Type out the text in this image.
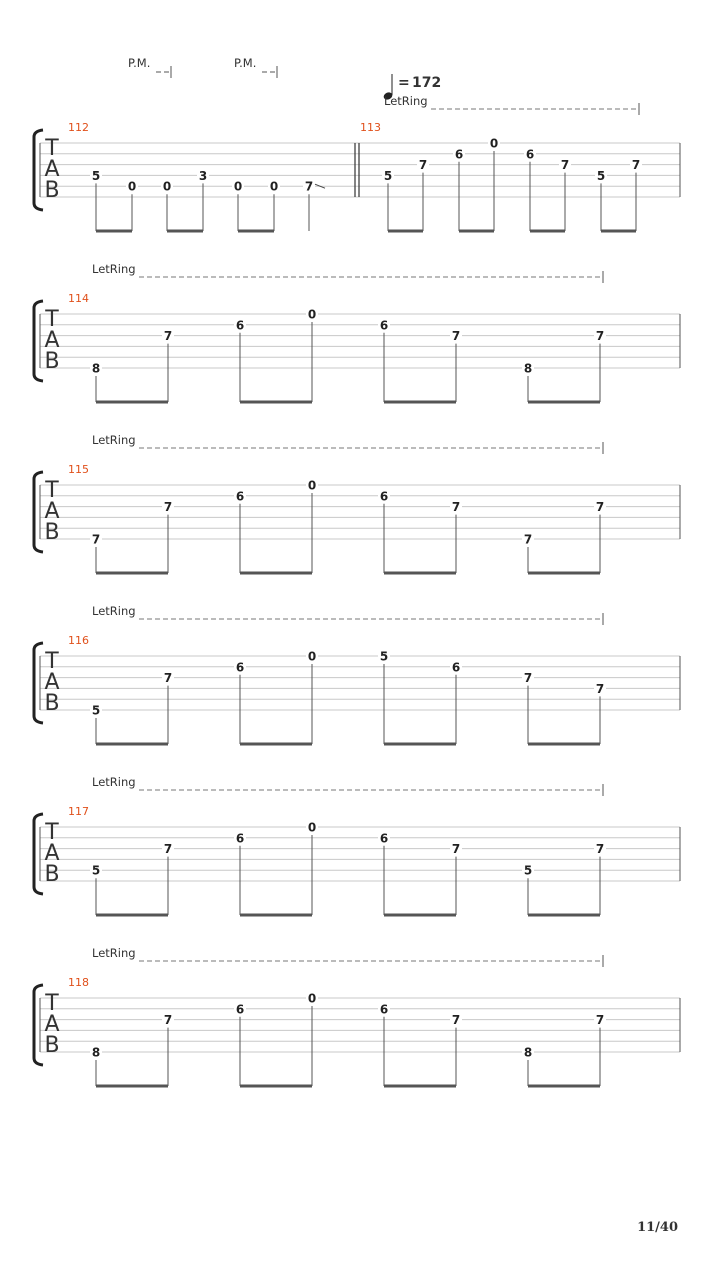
T
A
B
112
5
0 0
3
0 0 7
P.M.	P.M.
113
5
7
6
0
6
7
5
7
= 172
LetRing
T
A
B
114
LetRing
8
7
6
0
6
7
8
7
T
A
B
115
LetRing
7
7
6
0
6
7
7
7
T
A
B
116
LetRing
5
7
6
0	5
6
7
7
T
A
B
117
LetRing
5
7
6
0
6
7
5
7
T
A
B
118
LetRing
8
7
6
0
6
7
8
7
11/40
